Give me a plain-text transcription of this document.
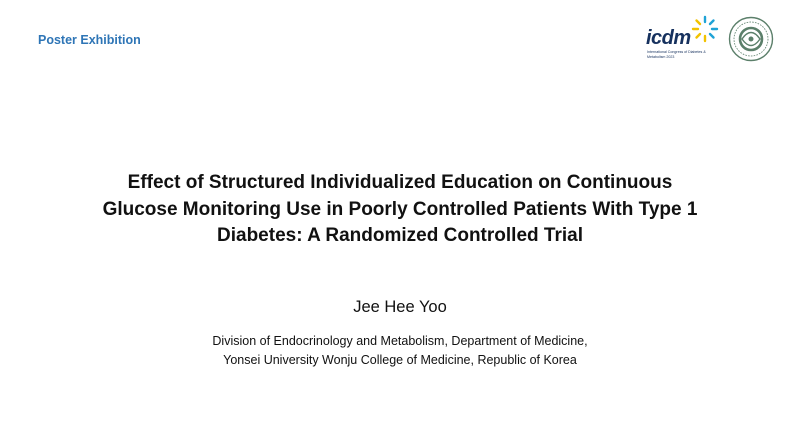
Poster Exhibition	icdm
International Congress of Diabetes & Metabolism 2023
Effect of Structured Individualized Education on Continuous
Glucose Monitoring Use in Poorly Controlled Patients With Type 1
Diabetes: A Randomized Controlled Trial
Jee Hee Yoo
Division of Endocrinology and Metabolism, Department of Medicine,
Yonsei University Wonju College of Medicine, Republic of Korea
